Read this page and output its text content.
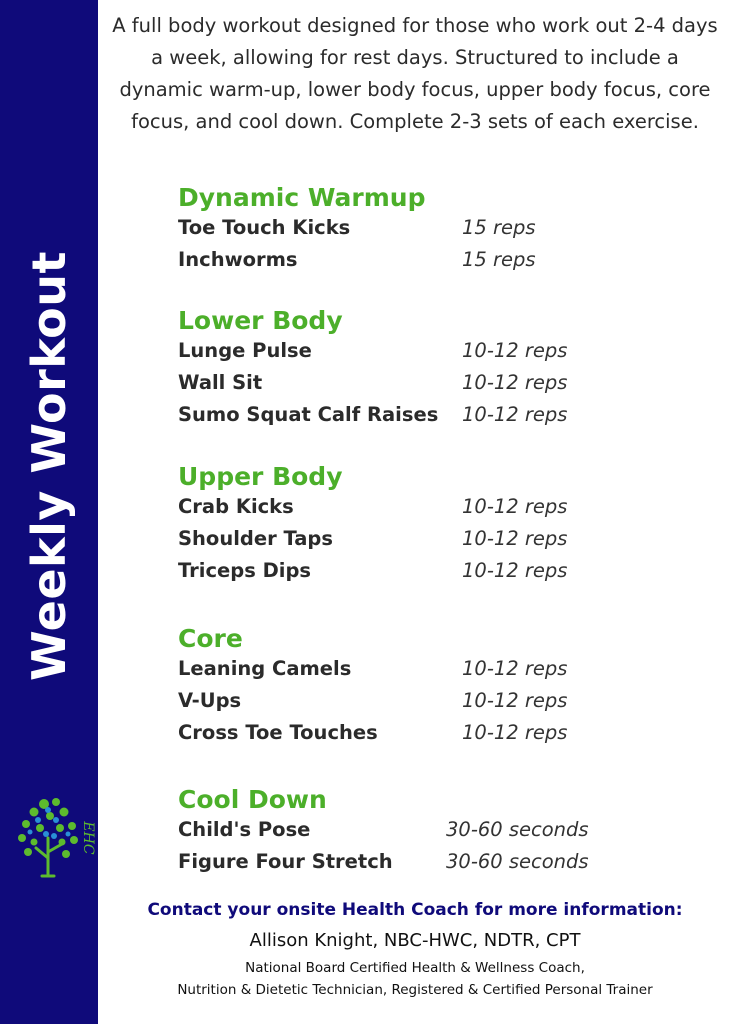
Weekly Workout
EHC

A full body workout designed for those who work out 2-4 days a week, allowing for rest days. Structured to include a dynamic warm-up, lower body focus, upper body focus, core focus, and cool down. Complete 2-3 sets of each exercise.

Dynamic Warmup
Toe Touch Kicks	15 reps
Inchworms	15 reps
Lower Body
Lunge Pulse	10-12 reps
Wall Sit	10-12 reps
Sumo Squat Calf Raises 10-12 reps
Upper Body
Crab Kicks	10-12 reps
Shoulder Taps	10-12 reps
Triceps Dips	10-12 reps
Core
Leaning Camels	10-12 reps
V-Ups	10-12 reps
Cross Toe Touches	10-12 reps
Cool Down
Child's Pose	30-60 seconds
Figure Four Stretch	30-60 seconds
Contact your onsite Health Coach for more information:
Allison Knight, NBC-HWC, NDTR, CPT
National Board Certified Health & Wellness Coach,
Nutrition & Dietetic Technician, Registered & Certified Personal Trainer
